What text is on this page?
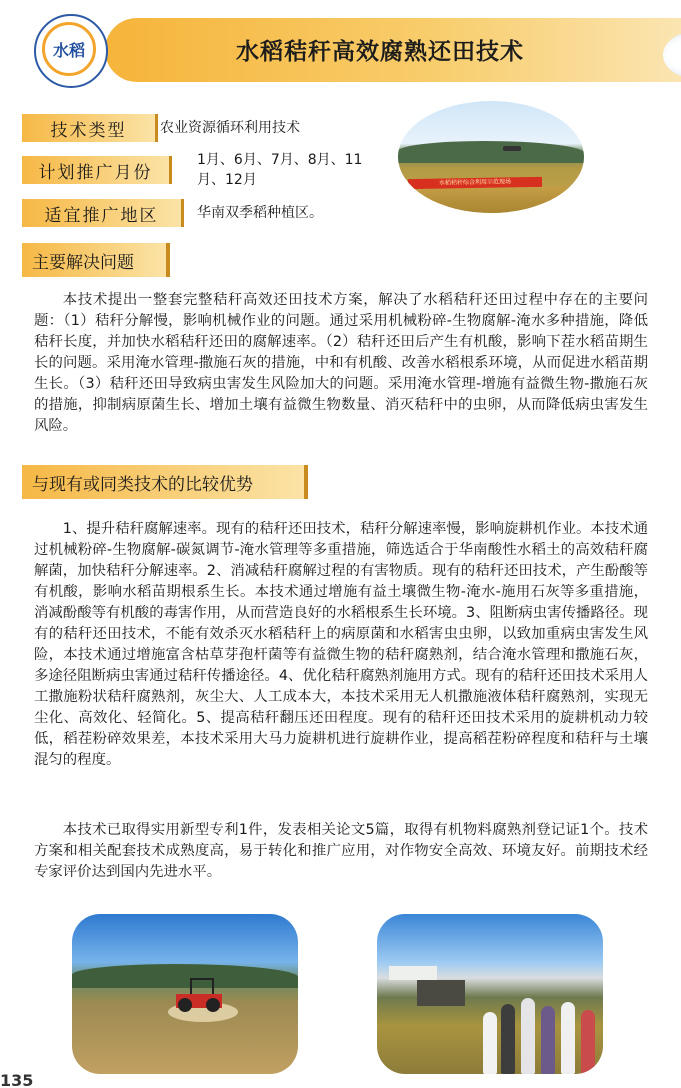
水稻秸秆高效腐熟还田技术
水稻
技术类型	农业资源循环利用技术
计划推广月份
1月、6月、7月、8月、11月、12月
适宜推广地区	华南双季稻种植区。
水稻秸秆综合利用示范现场
主要解决问题

本技术提出一整套完整秸秆高效还田技术方案，解决了水稻秸秆还田过程中存在的主要问题：（1）秸秆分解慢，影响机械作业的问题。通过采用机械粉碎-生物腐解-淹水多种措施，降低秸秆长度，并加快水稻秸秆还田的腐解速率。（2）秸秆还田后产生有机酸，影响下茬水稻苗期生长的问题。采用淹水管理-撒施石灰的措施，中和有机酸、改善水稻根系环境，从而促进水稻苗期生长。（3）秸秆还田导致病虫害发生风险加大的问题。采用淹水管理-增施有益微生物-撒施石灰的措施，抑制病原菌生长、增加土壤有益微生物数量、消灭秸秆中的虫卵，从而降低病虫害发生风险。

与现有或同类技术的比较优势

1、提升秸秆腐解速率。现有的秸秆还田技术，秸秆分解速率慢，影响旋耕机作业。本技术通过机械粉碎-生物腐解-碳氮调节-淹水管理等多重措施，筛选适合于华南酸性水稻土的高效秸秆腐解菌，加快秸秆分解速率。2、消减秸秆腐解过程的有害物质。现有的秸秆还田技术，产生酚酸等有机酸，影响水稻苗期根系生长。本技术通过增施有益土壤微生物-淹水-施用石灰等多重措施，消减酚酸等有机酸的毒害作用，从而营造良好的水稻根系生长环境。3、阻断病虫害传播路径。现有的秸秆还田技术，不能有效杀灭水稻秸秆上的病原菌和水稻害虫虫卵，以致加重病虫害发生风险，本技术通过增施富含枯草芽孢杆菌等有益微生物的秸秆腐熟剂，结合淹水管理和撒施石灰，多途径阻断病虫害通过秸秆传播途径。4、优化秸秆腐熟剂施用方式。现有的秸秆还田技术采用人工撒施粉状秸秆腐熟剂，灰尘大、人工成本大，本技术采用无人机撒施液体秸秆腐熟剂，实现无尘化、高效化、轻简化。5、提高秸秆翻压还田程度。现有的秸秆还田技术采用的旋耕机动力较低，稻茬粉碎效果差，本技术采用大马力旋耕机进行旋耕作业，提高稻茬粉碎程度和秸秆与土壤混匀的程度。

本技术已取得实用新型专利1件，发表相关论文5篇，取得有机物料腐熟剂登记证1个。技术方案和相关配套技术成熟度高，易于转化和推广应用，对作物安全高效、环境友好。前期技术经专家评价达到国内先进水平。

135
